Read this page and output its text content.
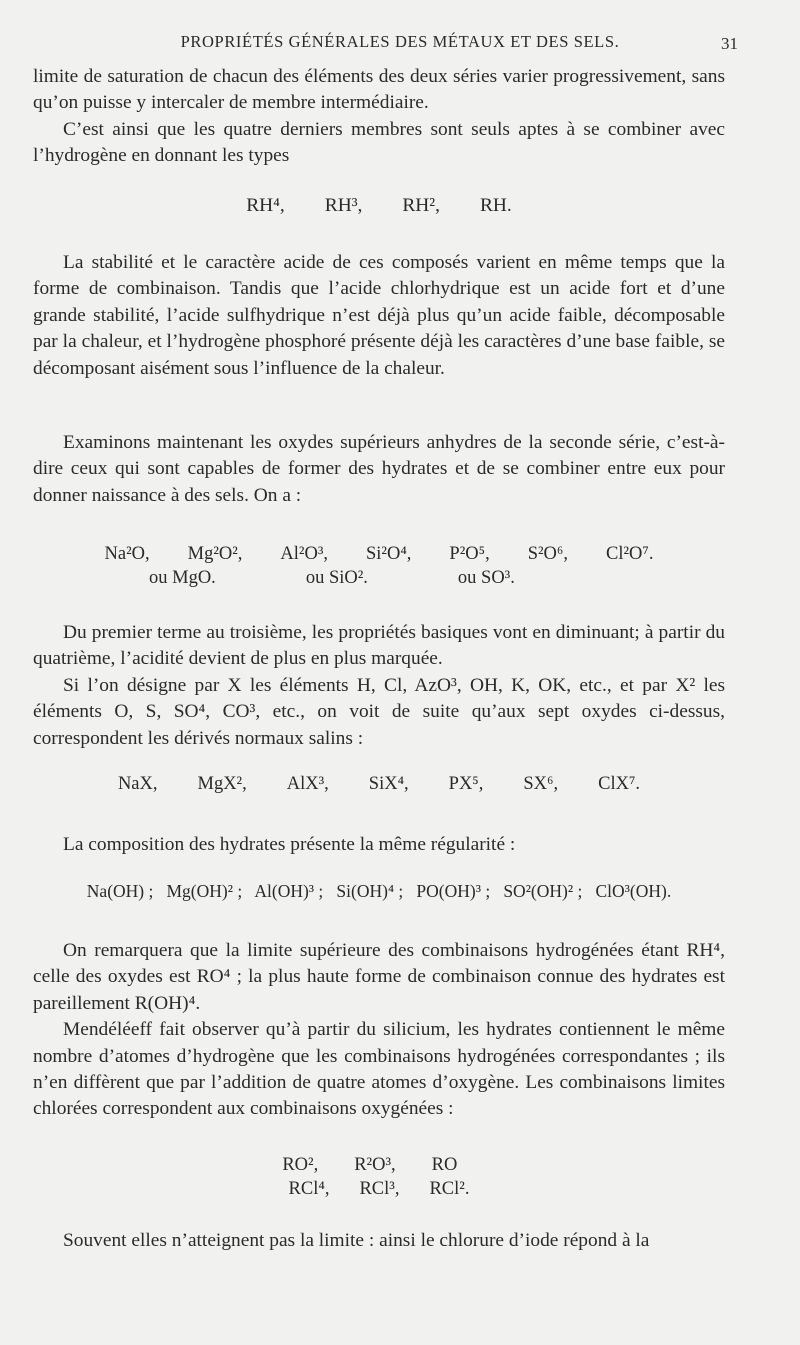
PROPRIÉTÉS GÉNÉRALES DES MÉTAUX ET DES SELS.	31

limite de saturation de chacun des éléments des deux séries varier progressivement, sans qu’on puisse y intercaler de membre intermédiaire.

C’est ainsi que les quatre derniers membres sont seuls aptes à se combiner avec l’hydrogène en donnant les types

RH⁴, RH³, RH², RH.

La stabilité et le caractère acide de ces composés varient en même temps que la forme de combinaison. Tandis que l’acide chlorhydrique est un acide fort et d’une grande stabilité, l’acide sulfhydrique n’est déjà plus qu’un acide faible, décomposable par la chaleur, et l’hydrogène phosphoré présente déjà les caractères d’une base faible, se décomposant aisément sous l’influence de la chaleur.

Examinons maintenant les oxydes supérieurs anhydres de la seconde série, c’est-à-dire ceux qui sont capables de former des hydrates et de se combiner entre eux pour donner naissance à des sels. On a :

Na²O, Mg²O², Al²O³, Si²O⁴, P²O⁵, S²O⁶, Cl²O⁷.
ou MgO.	ou SiO².	ou SO³.

Du premier terme au troisième, les propriétés basiques vont en diminuant; à partir du quatrième, l’acidité devient de plus en plus marquée.

Si l’on désigne par X les éléments H, Cl, AzO³, OH, K, OK, etc., et par X² les éléments O, S, SO⁴, CO³, etc., on voit de suite qu’aux sept oxydes ci-dessus, correspondent les dérivés normaux salins :

NaX, MgX², AlX³, SiX⁴, PX⁵, SX⁶, ClX⁷.

La composition des hydrates présente la même régularité :

Na(OH) ;   Mg(OH)² ;   Al(OH)³ ;   Si(OH)⁴ ;   PO(OH)³ ;   SO²(OH)² ;   ClO³(OH).

On remarquera que la limite supérieure des combinaisons hydrogénées étant RH⁴, celle des oxydes est RO⁴ ; la plus haute forme de combinaison connue des hydrates est pareillement R(OH)⁴.

Mendéléeff fait observer qu’à partir du silicium, les hydrates contiennent le même nombre d’atomes d’hydrogène que les combinaisons hydrogénées correspondantes ; ils n’en diffèrent que par l’addition de quatre atomes d’oxygène. Les combinaisons limites chlorées correspondent aux combinaisons oxygénées :

RO², R²O³, RO
RCl⁴, RCl³, RCl².

Souvent elles n’atteignent pas la limite : ainsi le chlorure d’iode répond à la
